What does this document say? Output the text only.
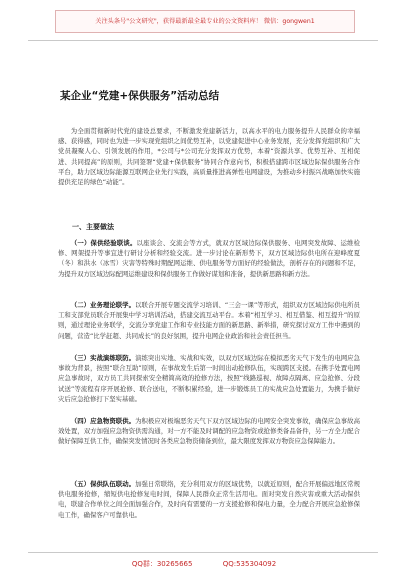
关注头条号"公文研究"，获得最新最全最专业的公文资料库！ 微信：gongwen1
某企业“党建+保供服务”活动总结

为全面贯彻新时代党的建设总要求，不断激发党建新活力，以高水平的电力服务提升人民群众的幸福感、获得感，同时也为进一步实现党组织之间优势互补，以党建促进中心业务发展，充分发挥党组织和广大党员凝聚人心、引领发展的作用，*公司与*公司充分发挥双方优势，本着“资源共享、优势互补、互相促进、共同提高”的原则，共同签署“党建+保供服务”协同合作意向书，积极搭建跨市区域边际保供服务合作平台，助力区域边际能源互联网企业先行实践，高质量推进高弹性电网建设，为推动乡村振兴战略加快实施提供充足的绿色“动能”。

一、主要做法

（一）保供经验联谈。以座谈会、交流会等方式，就双方区域边际保供服务、电网突发故障、运维检修、网架提升等事宜进行研讨分析和经验交流。进一步讨论在新形势下，双方区域边际供电所在迎峰度夏（冬）和洪水（冰雪）灾害等特殊时期配网运维、供电服务等方面好的经验做法，剖析存在的问题和不足，为提升双方区域边际配网运维建设和保供服务工作做好谋划和准备，提供新思路和新方法。

（二）业务理论联学。以联合开展专题交流学习培训、“三会一课”等形式，组织双方区域边际供电所员工和支部党员联合开展集中学习培训活动，搭建交流互动平台。本着“相互学习、相互借鉴、相互提升”的原则，通过理论业务联学，交流分享党建工作和专业技能方面的新思路、新举措，研究探讨双方工作中遇到的问题，营造“比学赶超、共同成长”的良好氛围，提升电网企业政治和社会责任担当。

（三）实战演练联防。演练突出实地、实战和实效，以双方区域边际在模拟恶劣天气下发生的电网应急事故为背景，按照“联合互助”原则，在事故发生后第一时间出动抢修队伍，实现跨区支援。在携手处置电网应急事故时，双方员工共同探索安全精简高效的抢修方法，按照“线路巡视、故障点隔离、应急抢修、分段试送”等流程有序开展抢修、联合送电，不断积累经验，进一步锻炼员工的实战应急处置能力，为携手做好灾后应急抢修打下坚实基础。

（四）应急物资联供。为积极应对极端恶劣天气下双方区域边际的电网安全突发事故，确保应急事故高效处置，双方加强应急物资供需沟通，对一方不能及时调配的应急物资或抢修类备品备件，另一方全力配合做好保障互供工作，确保突发情况时各类应急物资储备到位，最大限度发挥双方物资应急保障能力。

（五）保供队伍联动。加强日常联络，充分利用双方的区域优势，以就近原则，配合开展偏远地区常规供电服务抢修，缩短供电抢修复电时间，保障人民群众正常生活用电。面对突发自然灾害或重大活动保供电，联建合作单位之间全面加强合作，及时向有需要的一方支援抢修和保电力量，全力配合开展应急抢修保电工作，确保客户可靠供电。

QQ群：30265665	QQ:535304092
